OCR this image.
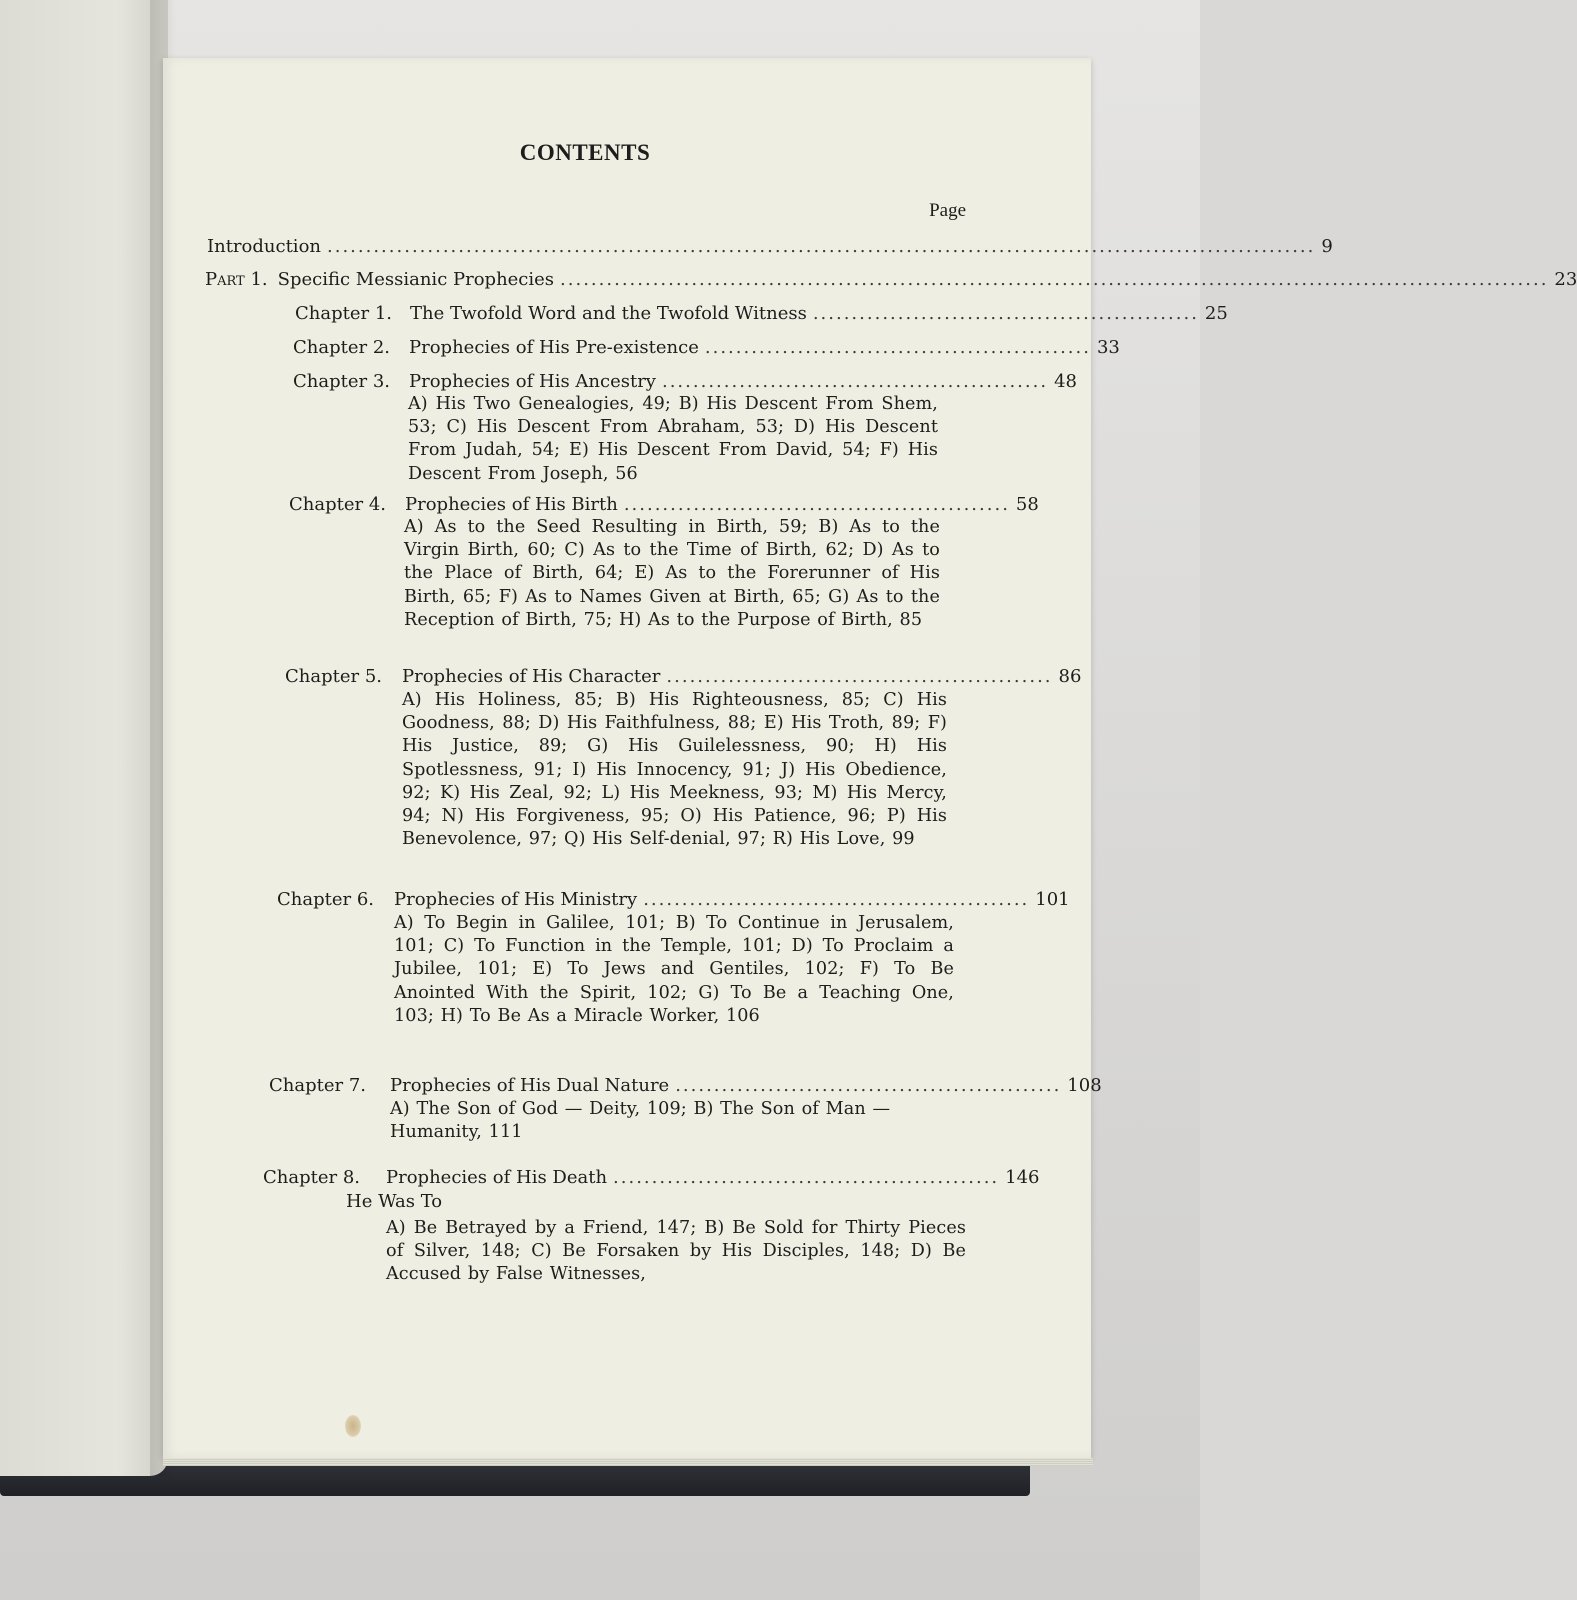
CONTENTS
Page
Introduction ................................................................................................................................ 9
Part 1. Specific Messianic Prophecies ................................................................................................................................ 23
Chapter 1. The Twofold Word and the Twofold Witness .................................................. 25
Chapter 2. Prophecies of His Pre-existence .................................................. 33
Chapter 3. Prophecies of His Ancestry .................................................. 48
A) His Two Genealogies, 49; B) His Descent From Shem, 53; C) His Descent From Abraham, 53; D) His Descent From Judah, 54; E) His Descent From David, 54; F) His Descent From Joseph, 56
Chapter 4. Prophecies of His Birth .................................................. 58
A) As to the Seed Resulting in Birth, 59; B) As to the Virgin Birth, 60; C) As to the Time of Birth, 62; D) As to the Place of Birth, 64; E) As to the Forerunner of His Birth, 65; F) As to Names Given at Birth, 65; G) As to the Reception of Birth, 75; H) As to the Purpose of Birth, 85
Chapter 5. Prophecies of His Character .................................................. 86
A) His Holiness, 85; B) His Righteousness, 85; C) His Goodness, 88; D) His Faithfulness, 88; E) His Troth, 89; F) His Justice, 89; G) His Guilelessness, 90; H) His Spotlessness, 91; I) His Innocency, 91; J) His Obedience, 92; K) His Zeal, 92; L) His Meekness, 93; M) His Mercy, 94; N) His Forgiveness, 95; O) His Patience, 96; P) His Benevolence, 97; Q) His Self-denial, 97; R) His Love, 99
Chapter 6. Prophecies of His Ministry .................................................. 101
A) To Begin in Galilee, 101; B) To Continue in Jerusalem, 101; C) To Function in the Temple, 101; D) To Proclaim a Jubilee, 101; E) To Jews and Gentiles, 102; F) To Be Anointed With the Spirit, 102; G) To Be a Teaching One, 103; H) To Be As a Miracle Worker, 106
Chapter 7. Prophecies of His Dual Nature .................................................. 108
A) The Son of God — Deity, 109; B) The Son of Man — Humanity, 111
Chapter 8. Prophecies of His Death .................................................. 146
He Was To
A) Be Betrayed by a Friend, 147; B) Be Sold for Thirty Pieces of Silver, 148; C) Be Forsaken by His Disciples, 148; D) Be Accused by False Witnesses,
